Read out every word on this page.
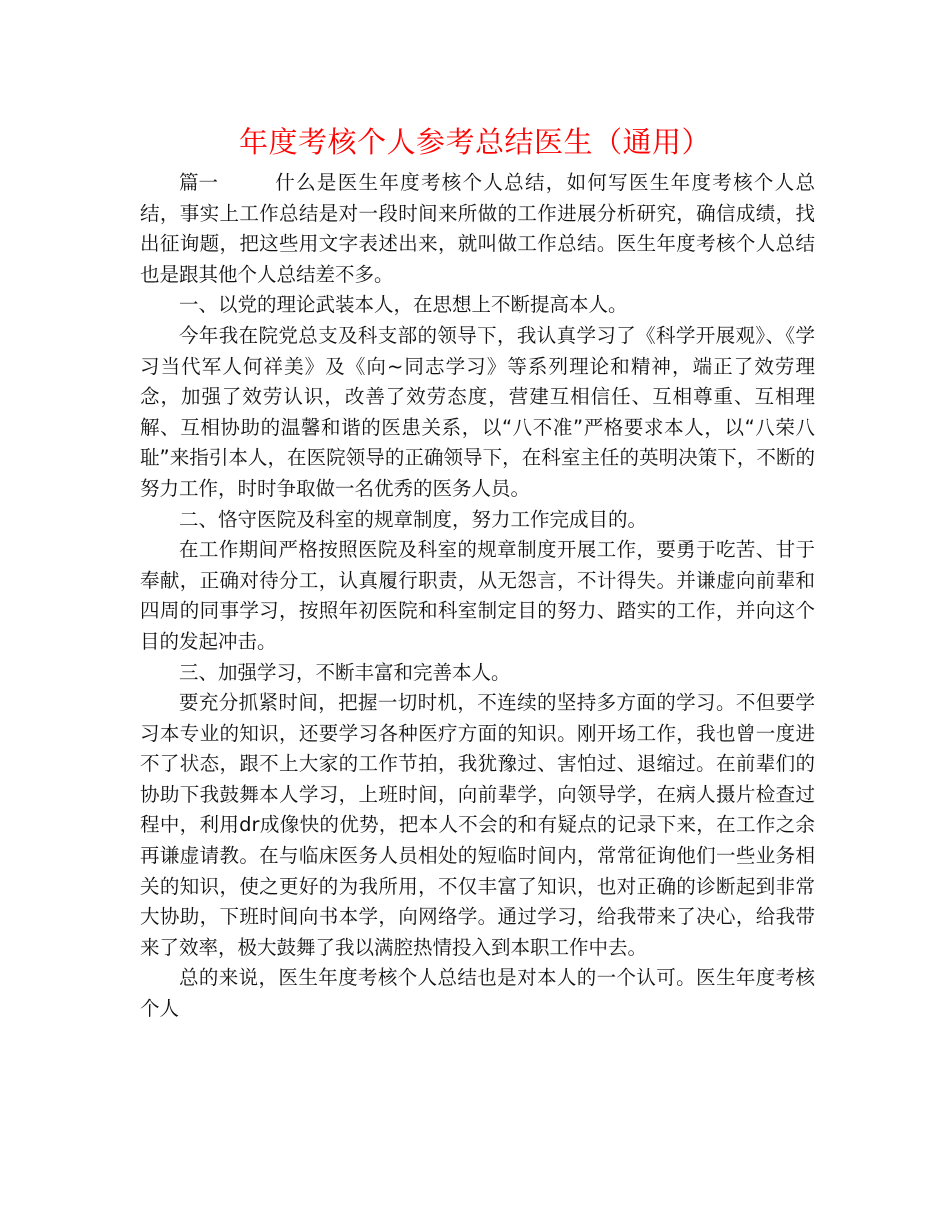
年度考核个人参考总结医生（通用）

篇一	什么是医生年度考核个人总结，如何写医生年度考核个人总结，事实上工作总结是对一段时间来所做的工作进展分析研究，确信成绩，找出征询题，把这些用文字表述出来，就叫做工作总结。医生年度考核个人总结也是跟其他个人总结差不多。

一、以党的理论武装本人，在思想上不断提高本人。

今年我在院党总支及科支部的领导下，我认真学习了《科学开展观》、《学习当代军人何祥美》及《向~同志学习》等系列理论和精神，端正了效劳理念，加强了效劳认识，改善了效劳态度，营建互相信任、互相尊重、互相理解、互相协助的温馨和谐的医患关系，以“八不准”严格要求本人，以“八荣八耻”来指引本人，在医院领导的正确领导下，在科室主任的英明决策下，不断的努力工作，时时争取做一名优秀的医务人员。

二、恪守医院及科室的规章制度，努力工作完成目的。

在工作期间严格按照医院及科室的规章制度开展工作，要勇于吃苦、甘于奉献，正确对待分工，认真履行职责，从无怨言，不计得失。并谦虚向前辈和四周的同事学习，按照年初医院和科室制定目的努力、踏实的工作，并向这个目的发起冲击。

三、加强学习，不断丰富和完善本人。

要充分抓紧时间，把握一切时机，不连续的坚持多方面的学习。不但要学习本专业的知识，还要学习各种医疗方面的知识。刚开场工作，我也曾一度进不了状态，跟不上大家的工作节拍，我犹豫过、害怕过、退缩过。在前辈们的协助下我鼓舞本人学习，上班时间，向前辈学，向领导学，在病人摄片检查过程中，利用dr成像快的优势，把本人不会的和有疑点的记录下来，在工作之余再谦虚请教。在与临床医务人员相处的短临时间内，常常征询他们一些业务相关的知识，使之更好的为我所用，不仅丰富了知识，也对正确的诊断起到非常大协助，下班时间向书本学，向网络学。通过学习，给我带来了决心，给我带来了效率，极大鼓舞了我以满腔热情投入到本职工作中去。

总的来说，医生年度考核个人总结也是对本人的一个认可。医生年度考核个人
